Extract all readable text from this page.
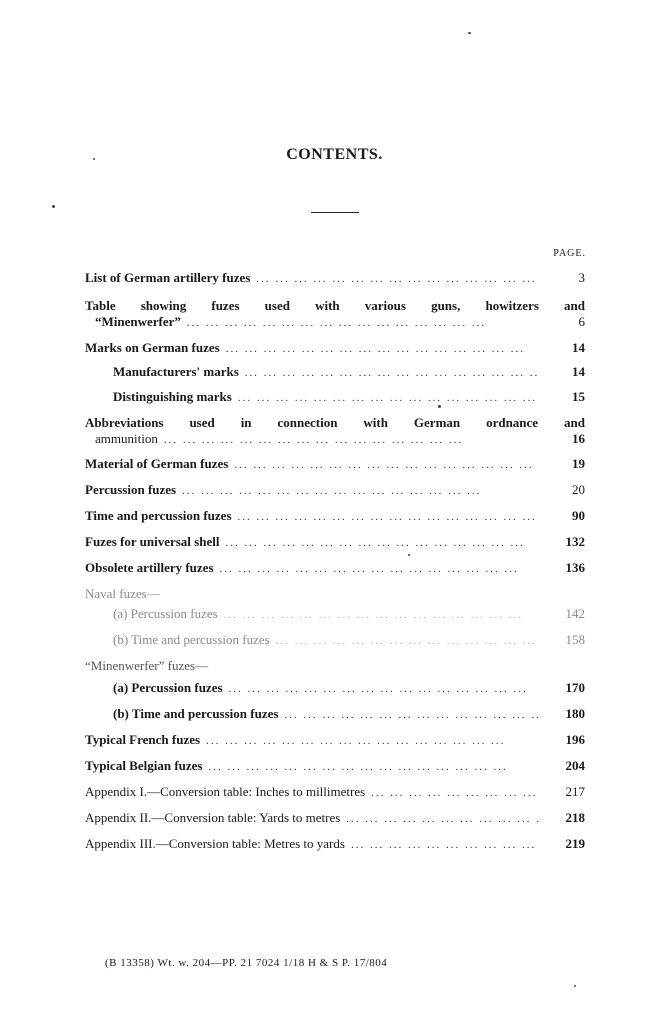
CONTENTS.
PAGE.
List of German artillery fuzes ...	3
Table showing fuzes used with various guns, howitzers and
“Minenwerfer” ...	6
Marks on German fuzes ...	14
Manufacturers' marks ...	14
Distinguishing marks ...	15
Abbreviations used in connection with German ordnance and
ammunition ...	16
Material of German fuzes ...	19
Percussion fuzes ...	20
Time and percussion fuzes ...	90
Fuzes for universal shell ...	132
Obsolete artillery fuzes ...	136
Naval fuzes—
(a) Percussion fuzes ...	142
(b) Time and percussion fuzes ...	158
“Minenwerfer” fuzes—
(a) Percussion fuzes ...	170
(b) Time and percussion fuzes ...	180
Typical French fuzes ...	196
Typical Belgian fuzes ...	204
Appendix I.—Conversion table: Inches to millimetres ...	217
Appendix II.—Conversion table: Yards to metres ...	218
Appendix III.—Conversion table: Metres to yards ...	219
(B 13358) Wt. w. 204—PP. 21 7024 1/18 H & S P. 17/804
